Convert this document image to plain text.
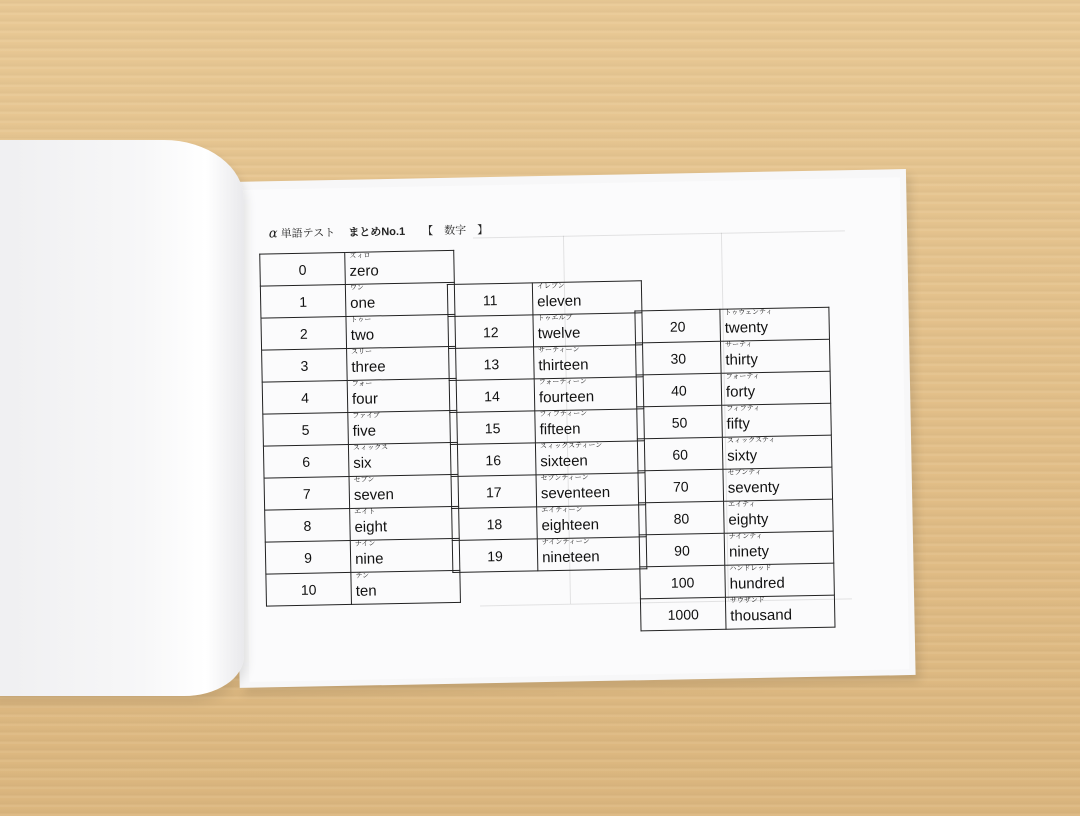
α 単語テスト まとめNo.1 【　数字　】
0	ズィロ
zero

1	ワン
one

2	トゥー
two

3	スリー
three

4	フォー
four

5	ファイブ
five

6	スィックス
six

7	セブン
seven

8	エイト
eight

9	ナイン
nine

10	テン
ten
11	イレブン
eleven

12	トゥエルブ
twelve

13	サーティーン
thirteen

14	フォーティーン
fourteen

15	フィフティーン
fifteen

16	スィックスティーン
sixteen

17	セブンティーン
seventeen

18	エイティーン
eighteen

19	ナインティーン
nineteen
20	トゥウェンティ
twenty

30	サーティ
thirty

40	フォーティ
forty

50	フィフティ
fifty

60	スィックスティ
sixty

70	セブンティ
seventy

80	エイティ
eighty

90	ナインティ
ninety

100	ハンドレッド
hundred

1000	サウザンド
thousand
